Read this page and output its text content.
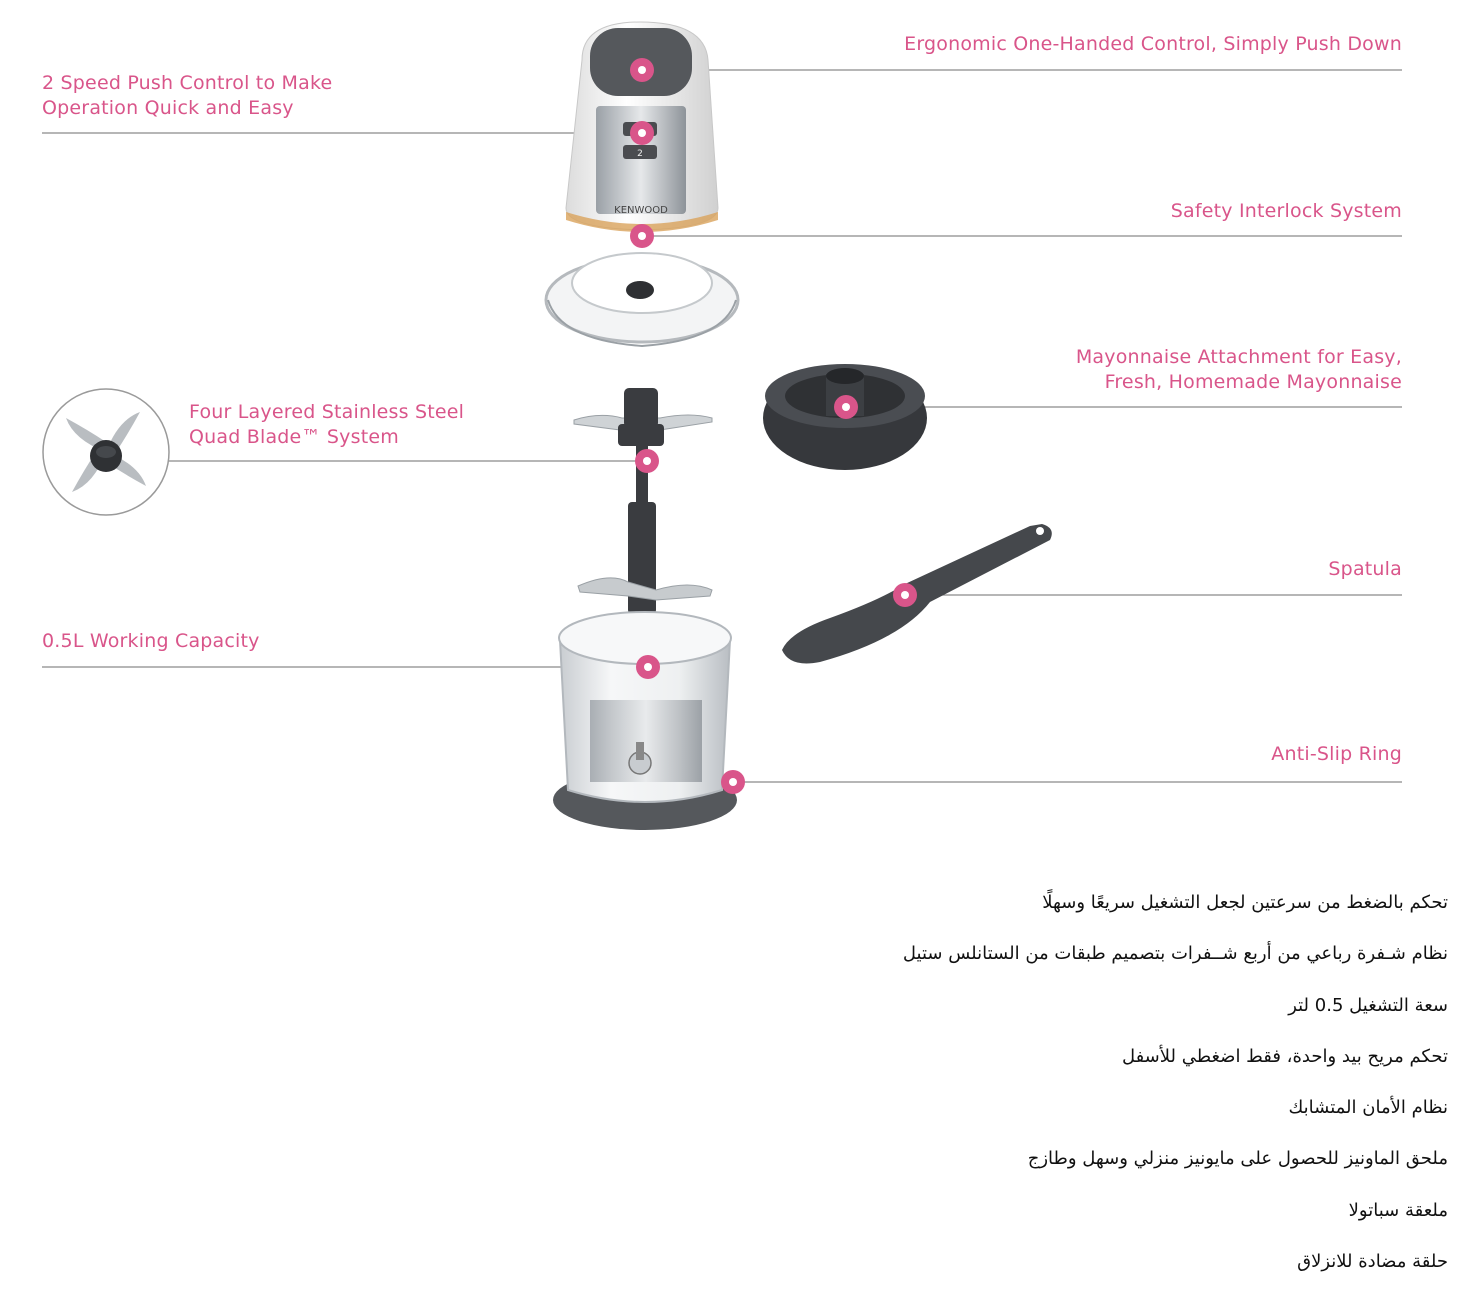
2
KENWOOD
Ergonomic One-Handed Control, Simply Push Down
2 Speed Push Control to Make
Operation Quick and Easy
Safety Interlock System
Mayonnaise Attachment for Easy,
Fresh, Homemade Mayonnaise
Four Layered Stainless Steel
Quad Blade™ System
Spatula
0.5L Working Capacity
Anti-Slip Ring
تحكم بالضغط من سرعتين لجعل التشغيل سريعًا وسهلًا
نظام شـفرة رباعي من أربع شــفرات بتصميم طبقات من الستانلس ستيل
سعة التشغيل 0.5 لتر
تحكم مريح بيد واحدة، فقط اضغطي للأسفل
نظام الأمان المتشابك
ملحق الماونيز للحصول على مايونيز منزلي وسهل وطازج
ملعقة سباتولا
حلقة مضادة للانزلاق
